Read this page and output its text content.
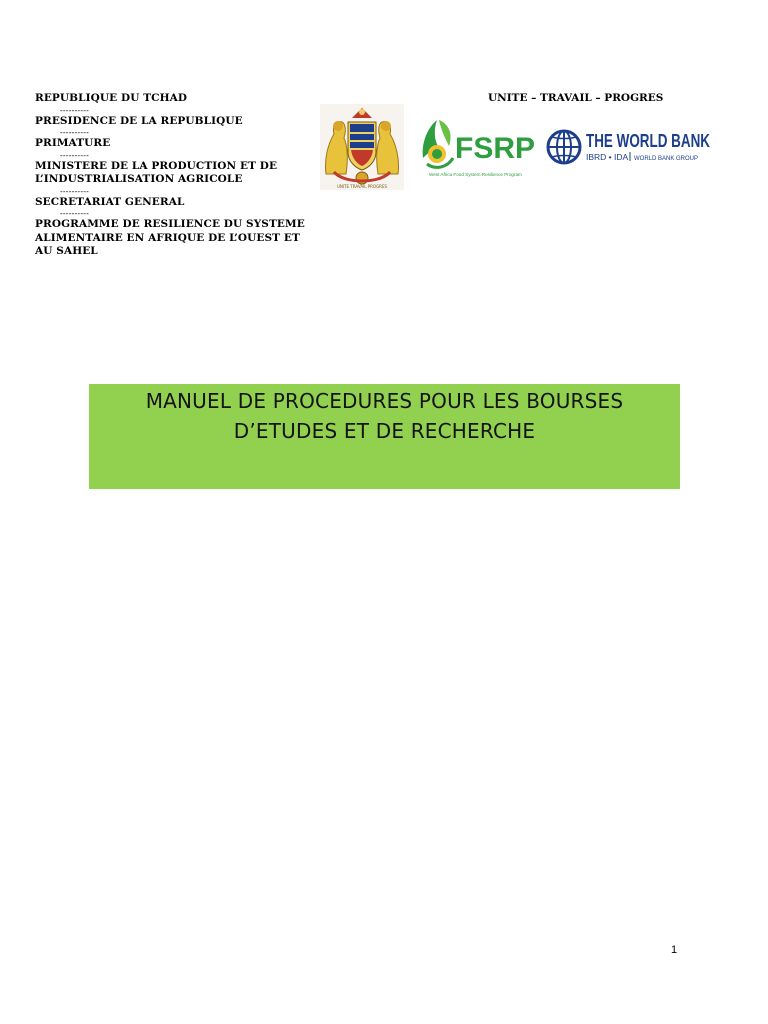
REPUBLIQUE DU TCHAD
----------
PRESIDENCE DE LA REPUBLIQUE
----------
PRIMATURE
----------
MINISTERE DE LA PRODUCTION ET DE
L’INDUSTRIALISATION AGRICOLE
----------
SECRETARIAT GENERAL
----------
PROGRAMME DE RESILIENCE DU SYSTEME
ALIMENTAIRE EN AFRIQUE DE L’OUEST ET
AU SAHEL
UNITE – TRAVAIL – PROGRES
UNITE TRAVAIL PROGRES
FSRP
West Africa Food System Resilience Program
THE WORLD BANK
IBRD • IDA WORLD BANK GROUP
MANUEL DE PROCEDURES POUR LES BOURSES
D’ETUDES ET DE RECHERCHE
1
